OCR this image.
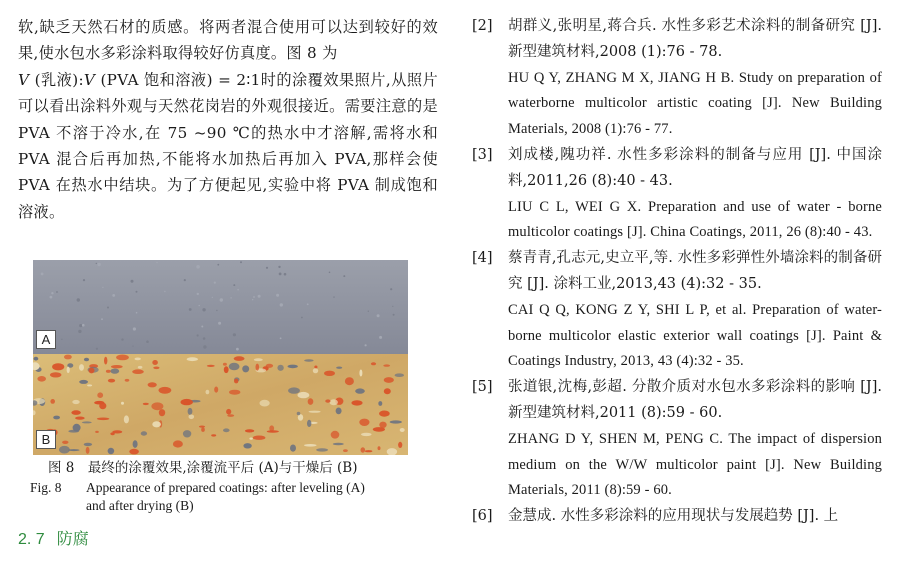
软,缺乏天然石材的质感。将两者混合使用可以达到较好的效果,使水包水多彩涂料取得较好仿真度。图 8 为
V (乳液):V (PVA 饱和溶液) = 2∶1时的涂覆效果照片,从照片可以看出涂料外观与天然花岗岩的外观很接近。需要注意的是 PVA 不溶于冷水,在 75 ~90 ℃的热水中才溶解,需将水和 PVA 混合后再加热,不能将水加热后再加入 PVA,那样会使 PVA 在热水中结块。为了方便起见,实验中将 PVA 制成饱和溶液。

A
B
图 8　最终的涂覆效果,涂覆流平后 (A)与干燥后 (B)
Fig. 8 Appearance of prepared coatings: after leveling (A)
and after drying (B)
2. 7 防腐
[2] 胡群义,张明星,蒋合兵. 水性多彩艺术涂料的制备研究 [J]. 新型建筑材料,2008 (1):76 - 78.
HU Q Y, ZHANG M X, JIANG H B. Study on preparation of waterborne multicolor artistic coating [J]. New Building Materials, 2008 (1):76 - 77.
[3] 刘成楼,隗功祥. 水性多彩涂料的制备与应用 [J]. 中国涂料,2011,26 (8):40 - 43.
LIU C L, WEI G X. Preparation and use of water - borne multicolor coatings [J]. China Coatings, 2011, 26 (8):40 - 43.
[4] 蔡青青,孔志元,史立平,等. 水性多彩弹性外墙涂料的制备研究 [J]. 涂料工业,2013,43 (4):32 - 35.
CAI Q Q, KONG Z Y, SHI L P, et al. Preparation of water-borne multicolor elastic exterior wall coatings [J]. Paint & Coatings Industry, 2013, 43 (4):32 - 35.
[5] 张道银,沈梅,彭超. 分散介质对水包水多彩涂料的影响 [J]. 新型建筑材料,2011 (8):59 - 60.
ZHANG D Y, SHEN M, PENG C. The impact of dispersion medium on the W/W multicolor paint [J]. New Building Materials, 2011 (8):59 - 60.
[6] 金慧成. 水性多彩涂料的应用现状与发展趋势 [J]. 上
